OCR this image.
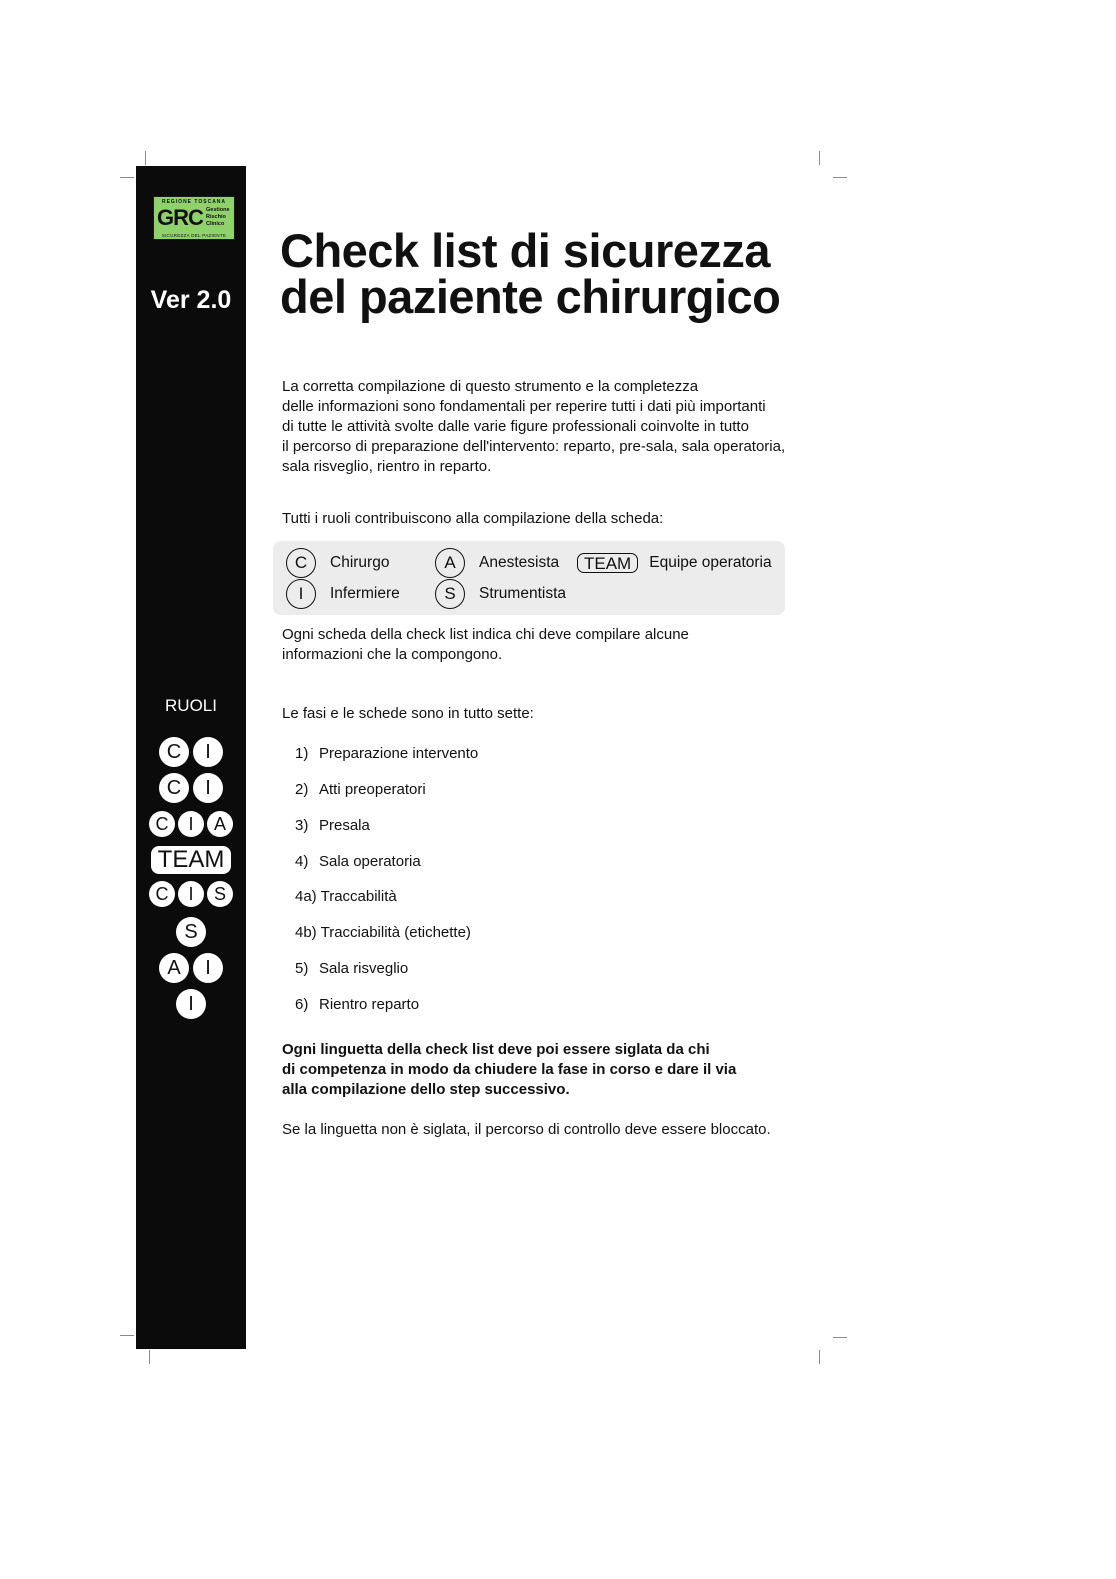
REGIONE TOSCANA
GRC Gestione
Rischio
Clinico
SICUREZZA DEL PAZIENTE
Ver 2.0
RUOLI
C	I
C	I
C	I	A
TEAM
C	I	S
S
A	I
I
Check list di sicurezza
del paziente chirurgico
La corretta compilazione di questo strumento e la completezza
delle informazioni sono fondamentali per reperire tutti i dati più importanti
di tutte le attività svolte dalle varie figure professionali coinvolte in tutto
il percorso di preparazione dell'intervento: reparto, pre-sala, sala operatoria,
sala risveglio, rientro in reparto.
Tutti i ruoli contribuiscono alla compilazione della scheda:
C	Chirurgo	A	Anestesista	TEAM	Equipe operatoria
I	Infermiere	S	Strumentista
Ogni scheda della check list indica chi deve compilare alcune
informazioni che la compongono.
Le fasi e le schede sono in tutto sette:
1) Preparazione intervento
2) Atti preoperatori
3) Presala
4) Sala operatoria
4a) Traccabilità
4b) Tracciabilità (etichette)
5) Sala risveglio
6) Rientro reparto
Ogni linguetta della check list deve poi essere siglata da chi
di competenza in modo da chiudere la fase in corso e dare il via
alla compilazione dello step successivo.
Se la linguetta non è siglata, il percorso di controllo deve essere bloccato.
